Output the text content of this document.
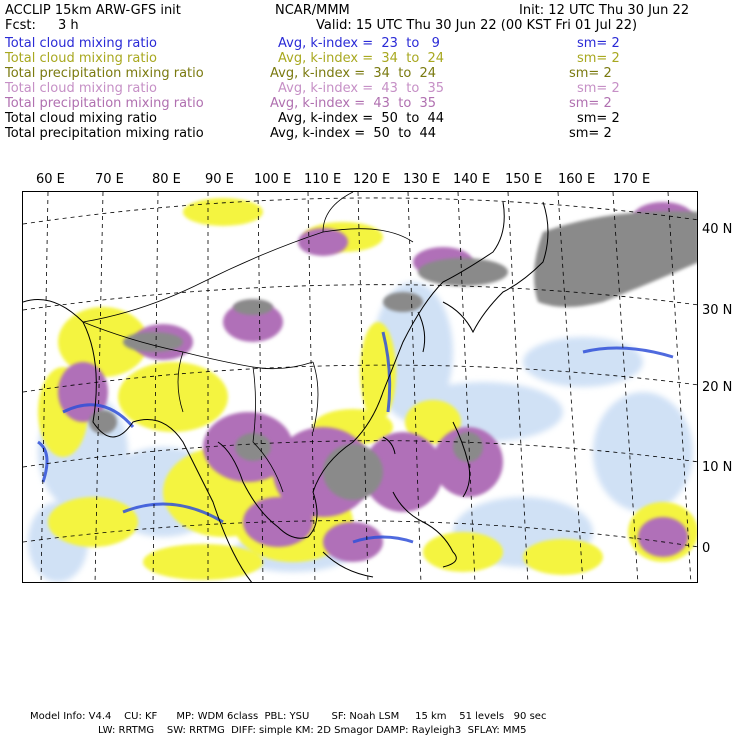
ACCLIP 15km ARW-GFS init	NCAR/MMM	Init: 12 UTC Thu 30 Jun 22
Fcst: 3 h	Valid: 15 UTC Thu 30 Jun 22 (00 KST Fri 01 Jul 22)
Total cloud mixing ratio	Avg, k-index =  23  to   9	sm= 2
Total cloud mixing ratio	Avg, k-index =  34  to  24	sm= 2
Total precipitation mixing ratio	Avg, k-index =  34  to  24	sm= 2
Total cloud mixing ratio	Avg, k-index =  43  to  35	sm= 2
Total precipitation mixing ratio	Avg, k-index =  43  to  35	sm= 2
Total cloud mixing ratio	Avg, k-index =  50  to  44	sm= 2
Total precipitation mixing ratio	Avg, k-index =  50  to  44	sm= 2
60 E 70 E 80 E 90 E 100 E 110 E 120 E 130 E 140 E 150 E 160 E 170 E
40 N
30 N
20 N
10 N
0
Model Info: V4.4    CU: KF      MP: WDM 6class  PBL: YSU       SF: Noah LSM     15 km    51 levels   90 sec
LW: RRTMG    SW: RRTMG  DIFF: simple KM: 2D Smagor DAMP: Rayleigh3  SFLAY: MM5
